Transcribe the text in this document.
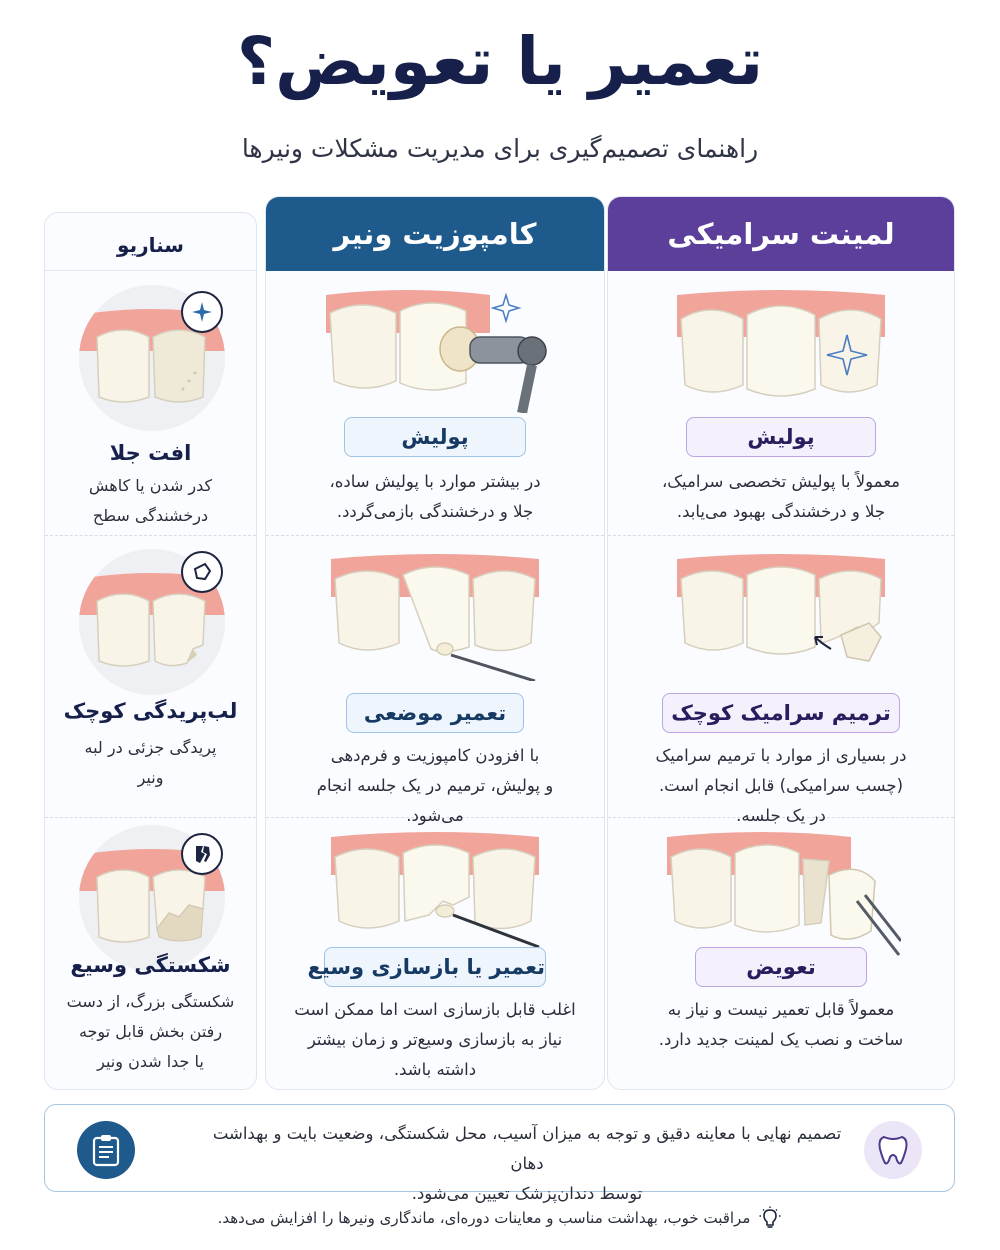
تعمیر یا تعویض؟
راهنمای تصمیم‌گیری برای مدیریت مشکلات ونیرها
لمینت سرامیکی
پولیش
معمولاً با پولیش تخصصی سرامیک،
جلا و درخشندگی بهبود می‌یابد.
ترمیم سرامیک کوچک
در بسیاری از موارد با ترمیم سرامیک
(چسب سرامیکی) قابل انجام است.
در یک جلسه.
تعویض
معمولاً قابل تعمیر نیست و نیاز به
ساخت و نصب یک لمینت جدید دارد.
کامپوزیت ونیر
پولیش
در بیشتر موارد با پولیش ساده،
جلا و درخشندگی بازمی‌گردد.
تعمیر موضعی
با افزودن کامپوزیت و فرم‌دهی
و پولیش، ترمیم در یک جلسه انجام
می‌شود.
تعمیر یا بازسازی وسیع
اغلب قابل بازسازی است اما ممکن است
نیاز به بازسازی وسیع‌تر و زمان بیشتر
داشته باشد.
سناریو
افت جلا
کدر شدن یا کاهش
درخشندگی سطح
لب‌پریدگی کوچک
پریدگی جزئی در لبه
ونیر
شکستگی وسیع
شکستگی بزرگ، از دست
رفتن بخش قابل توجه
یا جدا شدن ونیر
تصمیم نهایی با معاینه دقیق و توجه به میزان آسیب، محل شکستگی، وضعیت بایت و بهداشت دهان
توسط دندان‌پزشک تعیین می‌شود.
مراقبت خوب، بهداشت مناسب و معاینات دوره‌ای، ماندگاری ونیرها را افزایش می‌دهد.
